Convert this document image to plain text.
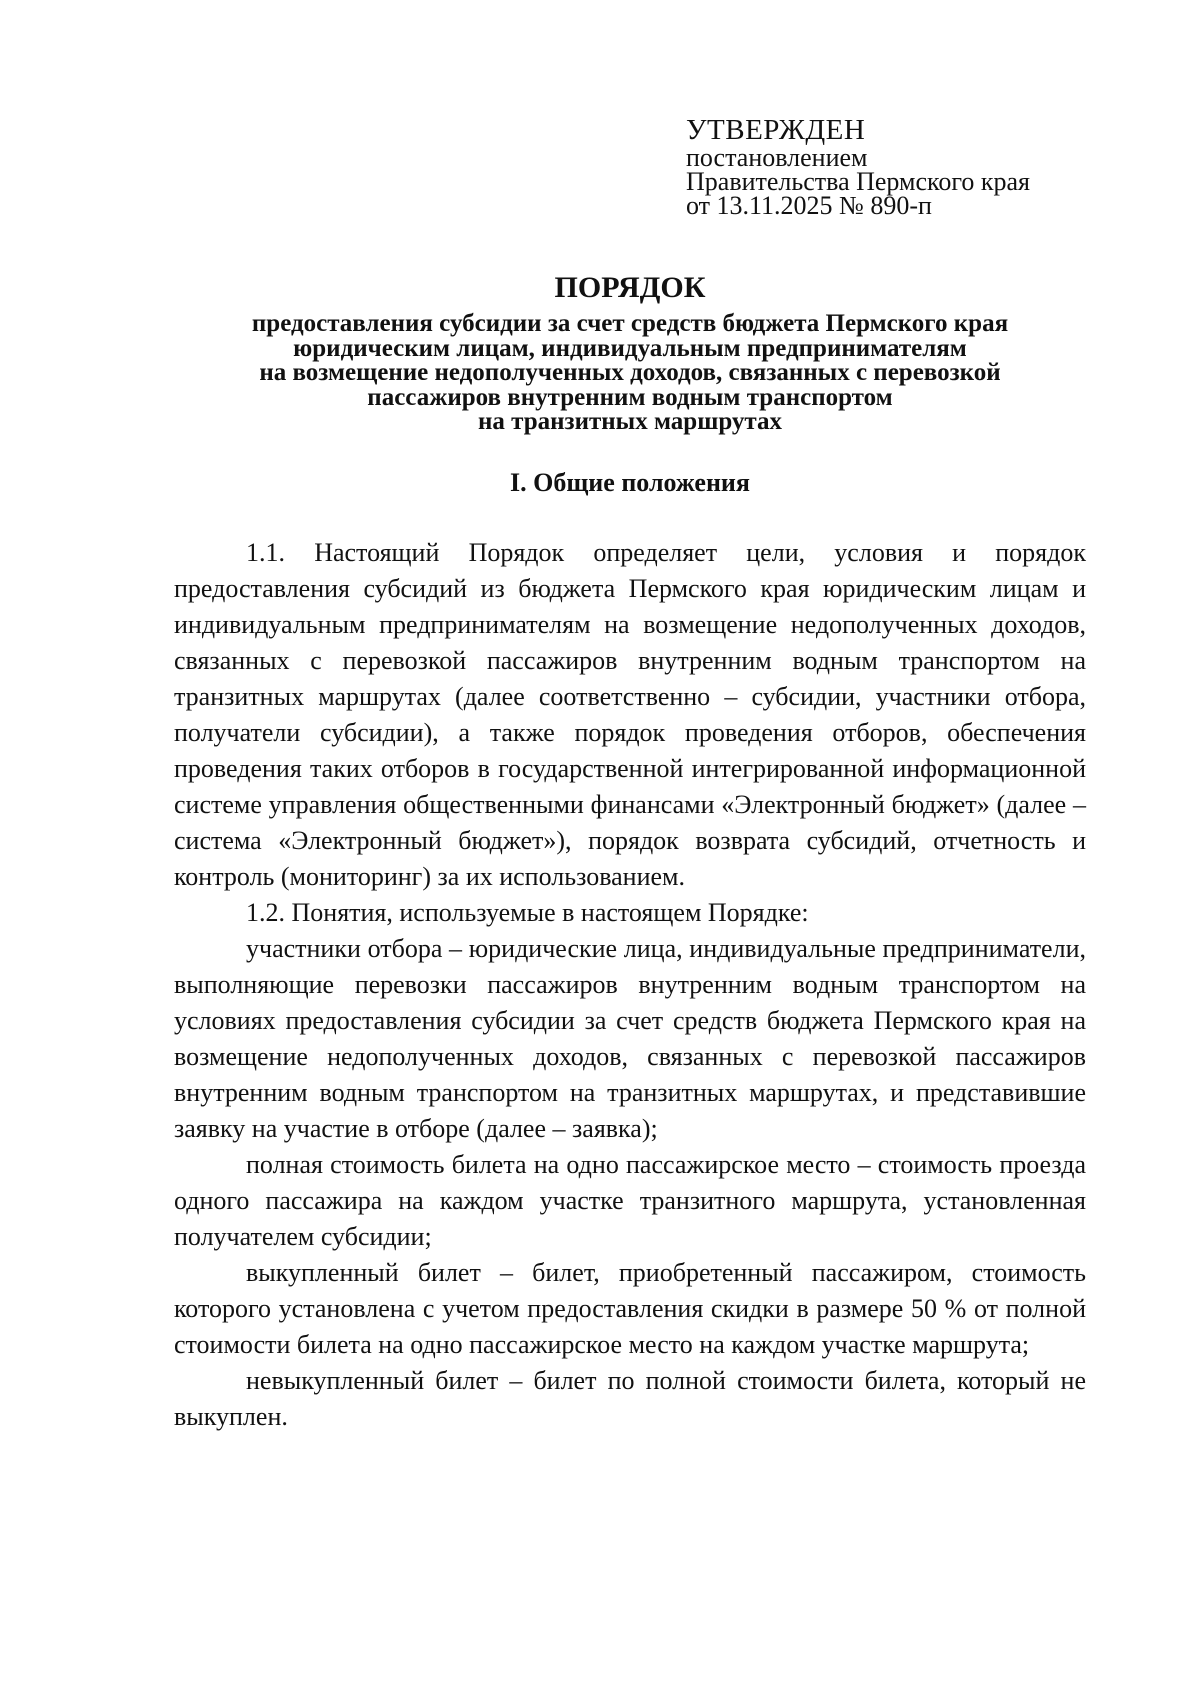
УТВЕРЖДЕН
постановлением
Правительства Пермского края
от 13.11.2025 № 890-п
ПОРЯДОК
предоставления субсидии за счет средств бюджета Пермского края
юридическим лицам, индивидуальным предпринимателям
на возмещение недополученных доходов, связанных с перевозкой
пассажиров внутренним водным транспортом
на транзитных маршрутах
I. Общие положения

1.1. Настоящий Порядок определяет цели, условия и порядок предоставления субсидий из бюджета Пермского края юридическим лицам и индивидуальным предпринимателям на возмещение недополученных доходов, связанных с перевозкой пассажиров внутренним водным транспортом на транзитных маршрутах (далее соответственно – субсидии, участники отбора, получатели субсидии), а также порядок проведения отборов, обеспечения проведения таких отборов в государственной интегрированной информационной системе управления общественными финансами «Электронный бюджет» (далее – система «Электронный бюджет»), порядок возврата субсидий, отчетность и контроль (мониторинг) за их использованием.

1.2. Понятия, используемые в настоящем Порядке:

участники отбора – юридические лица, индивидуальные предприниматели, выполняющие перевозки пассажиров внутренним водным транспортом на условиях предоставления субсидии за счет средств бюджета Пермского края на возмещение недополученных доходов, связанных с перевозкой пассажиров внутренним водным транспортом на транзитных маршрутах, и представившие заявку на участие в отборе (далее – заявка);

полная стоимость билета на одно пассажирское место – стоимость проезда одного пассажира на каждом участке транзитного маршрута, установленная получателем субсидии;

выкупленный билет – билет, приобретенный пассажиром, стоимость которого установлена с учетом предоставления скидки в размере 50 % от полной стоимости билета на одно пассажирское место на каждом участке маршрута;

невыкупленный билет – билет по полной стоимости билета, который не выкуплен.
